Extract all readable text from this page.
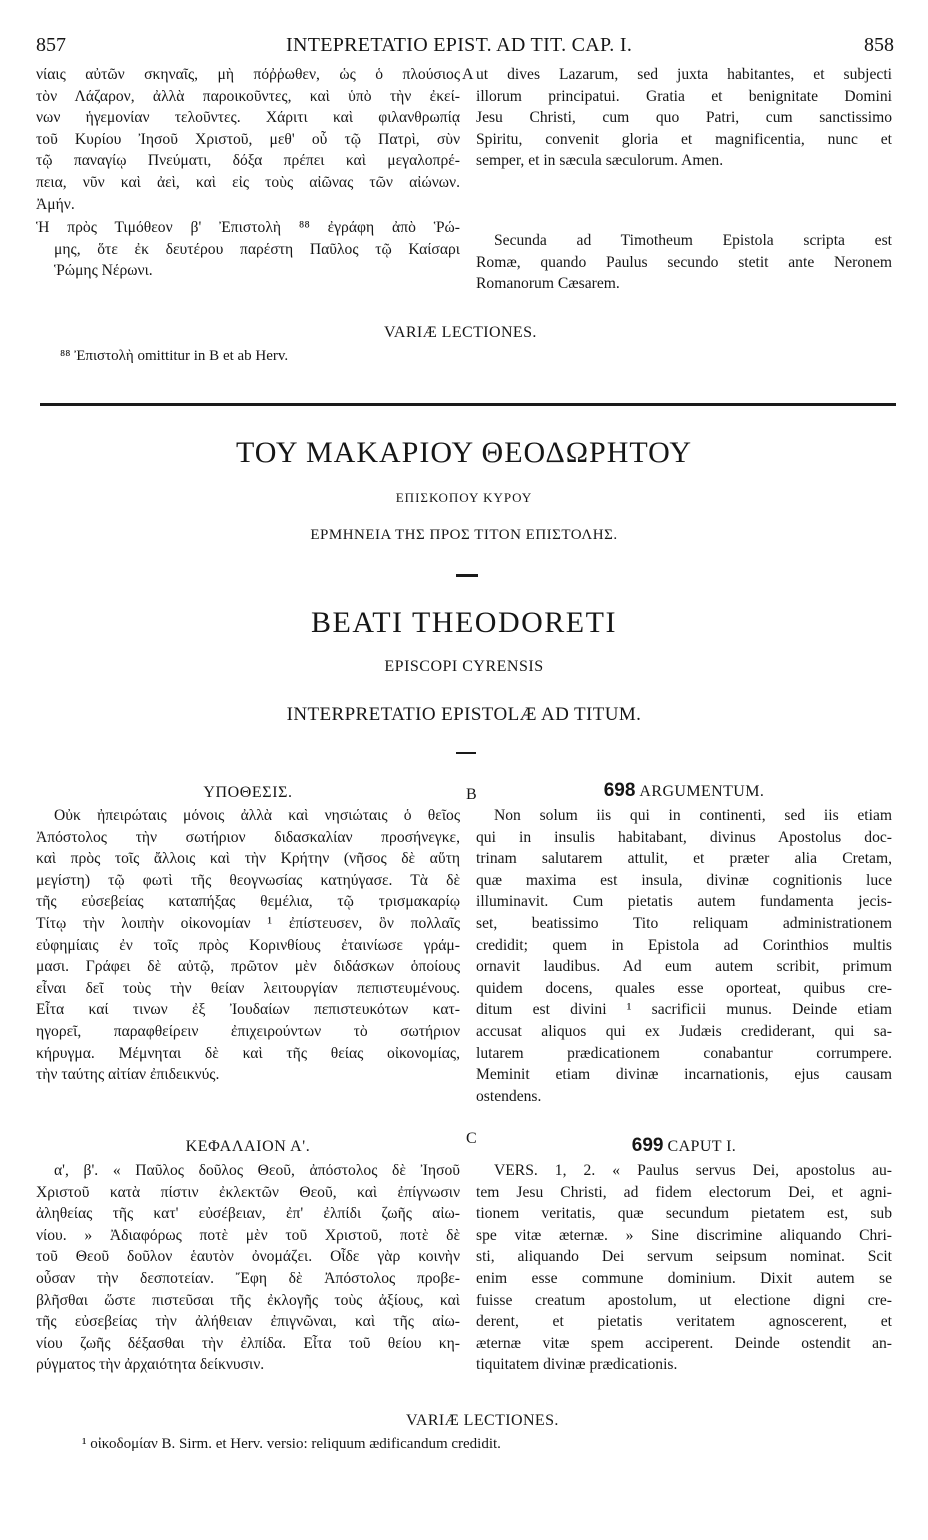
857	INTEPRETATIO EPIST. AD TIT. CAP. I.	858

νίαις αὐτῶν σκηναῖς, μὴ πόῤῥωθεν, ὡς ὁ πλούσιος

τὸν Λάζαρον, ἀλλὰ παροικοῦντες, καὶ ὑπὸ τὴν ἐκεί-

νων ἡγεμονίαν τελοῦντες. Χάριτι καὶ φιλανθρωπίᾳ

τοῦ Κυρίου Ἰησοῦ Χριστοῦ, μεθ' οὗ τῷ Πατρὶ, σὺν

τῷ παναγίῳ Πνεύματι, δόξα πρέπει καὶ μεγαλοπρέ-

πεια, νῦν καὶ ἀεὶ, καὶ εἰς τοὺς αἰῶνας τῶν αἰώνων.

Ἀμήν.

Ἡ πρὸς Τιμόθεον β' Ἐπιστολὴ ⁸⁸ ἐγράφη ἀπὸ Ῥώ-

μης, ὅτε ἐκ δευτέρου παρέστη Παῦλος τῷ Καίσαρι

Ῥώμης Νέρωνι.

A ut dives Lazarum, sed juxta habitantes, et subjecti

illorum principatui. Gratia et benignitate Domini

Jesu Christi, cum quo Patri, cum sanctissimo

Spiritu, convenit gloria et magnificentia, nunc et

semper, et in sæcula sæculorum. Amen.

Secunda ad Timotheum Epistola scripta est

Romæ, quando Paulus secundo stetit ante Neronem

Romanorum Cæsarem.

VARIÆ LECTIONES.
⁸⁸ Ἐπιστολὴ omittitur in B et ab Herv.
ΤΟΥ ΜΑΚΑΡΙΟΥ ΘΕΟΔΩΡΗΤΟΥ
ΕΠΙΣΚΟΠΟΥ ΚΥΡΟΥ
ΕΡΜΗΝΕΙΑ ΤΗΣ ΠΡΟΣ ΤΙΤΟΝ ΕΠΙΣΤΟΛΗΣ.
BEATI THEODORETI
EPISCOPI CYRENSIS
INTERPRETATIO EPISTOLÆ AD TITUM.
ΥΠΟΘΕΣΙΣ.	B	698 ARGUMENTUM.

Οὐκ ἠπειρώταις μόνοις ἀλλὰ καὶ νησιώταις ὁ θεῖος

Ἀπόστολος τὴν σωτήριον διδασκαλίαν προσήνεγκε,

καὶ πρὸς τοῖς ἄλλοις καὶ τὴν Κρήτην (νῆσος δὲ αὕτη

μεγίστη) τῷ φωτὶ τῆς θεογνωσίας κατηύγασε. Τὰ δὲ

τῆς εὐσεβείας καταπήξας θεμέλια, τῷ τρισμακαρίῳ

Τίτῳ τὴν λοιπὴν οἰκονομίαν ¹ ἐπίστευσεν, ὃν πολλαῖς

εὐφημίαις ἐν τοῖς πρὸς Κορινθίους ἐταινίωσε γράμ-

μασι. Γράφει δὲ αὐτῷ, πρῶτον μὲν διδάσκων ὁποίους

εἶναι δεῖ τοὺς τὴν θείαν λειτουργίαν πεπιστευμένους.

Εἶτα καί τινων ἐξ Ἰουδαίων πεπιστευκότων κατ-

ηγορεῖ, παραφθείρειν ἐπιχειρούντων τὸ σωτήριον

κήρυγμα. Μέμνηται δὲ καὶ τῆς θείας οἰκονομίας,

τὴν ταύτης αἰτίαν ἐπιδεικνύς.

Non solum iis qui in continenti, sed iis etiam

qui in insulis habitabant, divinus Apostolus doc-

trinam salutarem attulit, et præter alia Cretam,

quæ maxima est insula, divinæ cognitionis luce

illuminavit. Cum pietatis autem fundamenta jecis-

set, beatissimo Tito reliquam administrationem

credidit; quem in Epistola ad Corinthios multis

ornavit laudibus. Ad eum autem scribit, primum

quidem docens, quales esse oporteat, quibus cre-

ditum est divini ¹ sacrificii munus. Deinde etiam

accusat aliquos qui ex Judæis crediderant, qui sa-

lutarem prædicationem conabantur corrumpere.

Meminit etiam divinæ incarnationis, ejus causam

ostendens.

ΚΕΦΑΛΑΙΟΝ Α'.	C	699 CAPUT I.

α', β'. « Παῦλος δοῦλος Θεοῦ, ἀπόστολος δὲ Ἰησοῦ

Χριστοῦ κατὰ πίστιν ἐκλεκτῶν Θεοῦ, καὶ ἐπίγνωσιν

ἀληθείας τῆς κατ' εὐσέβειαν, ἐπ' ἐλπίδι ζωῆς αἰω-

νίου. » Ἀδιαφόρως ποτὲ μὲν τοῦ Χριστοῦ, ποτὲ δὲ

τοῦ Θεοῦ δοῦλον ἑαυτὸν ὀνομάζει. Οἶδε γὰρ κοινὴν

οὖσαν τὴν δεσποτείαν. Ἔφη δὲ Ἀπόστολος προβε-

βλῆσθαι ὥστε πιστεῦσαι τῆς ἐκλογῆς τοὺς ἀξίους, καὶ

τῆς εὐσεβείας τὴν ἀλήθειαν ἐπιγνῶναι, καὶ τῆς αἰω-

νίου ζωῆς δέξασθαι τὴν ἐλπίδα. Εἶτα τοῦ θείου κη-

ρύγματος τὴν ἀρχαιότητα δείκνυσιν.

VERS. 1, 2. « Paulus servus Dei, apostolus au-

tem Jesu Christi, ad fidem electorum Dei, et agni-

tionem veritatis, quæ secundum pietatem est, sub

spe vitæ æternæ. » Sine discrimine aliquando Chri-

sti, aliquando Dei servum seipsum nominat. Scit

enim esse commune dominium. Dixit autem se

fuisse creatum apostolum, ut electione digni cre-

derent, et pietatis veritatem agnoscerent, et

æternæ vitæ spem acciperent. Deinde ostendit an-

tiquitatem divinæ prædicationis.

VARIÆ LECTIONES.
¹ οἰκοδομίαν B. Sirm. et Herv. versio: reliquum ædificandum credidit.
